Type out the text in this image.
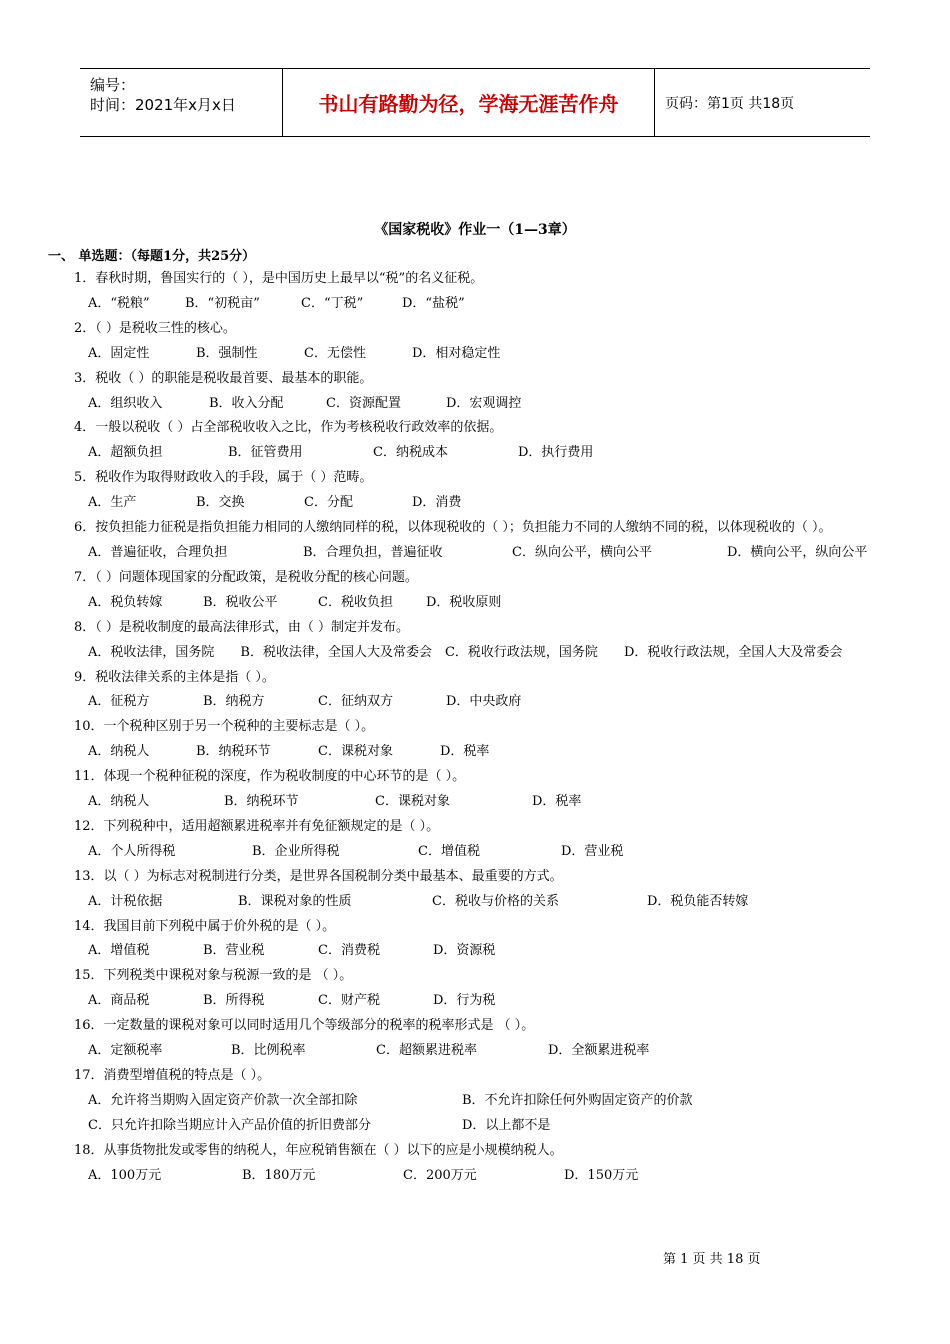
编号：
时间：2021年x月x日	书山有路勤为径，学海无涯苦作舟	页码：第1页 共18页
《国家税收》作业一（1—3章）
一、 单选题：（每题1分，共25分）
1．春秋时期，鲁国实行的（ ），是中国历史上最早以“税”的名义征税。
A．“税粮”	B．“初税亩”	C．“丁税”	D．“盐税”
2．（ ）是税收三性的核心。
A．固定性	B．强制性	C．无偿性	D．相对稳定性
3．税收（ ）的职能是税收最首要、最基本的职能。
A．组织收入	B．收入分配	C．资源配置	D．宏观调控
4．一般以税收（ ）占全部税收收入之比，作为考核税收行政效率的依据。
A．超额负担	B．征管费用	C．纳税成本	D．执行费用
5．税收作为取得财政收入的手段，属于（ ）范畴。
A．生产	B．交换	C．分配	D．消费
6．按负担能力征税是指负担能力相同的人缴纳同样的税，以体现税收的（ ）；负担能力不同的人缴纳不同的税，以体现税收的（ ）。
A．普遍征收，合理负担	B．合理负担，普遍征收	C．纵向公平，横向公平	D．横向公平，纵向公平
7．（ ）问题体现国家的分配政策，是税收分配的核心问题。
A．税负转嫁	B．税收公平	C．税收负担	D．税收原则
8．（ ）是税收制度的最高法律形式，由（ ）制定并发布。
A．税收法律，国务院　　 B．税收法律，全国人大及常委会　 C．税收行政法规，国务院　　 D．税收行政法规，全国人大及常委会
9．税收法律关系的主体是指（ ）。
A．征税方	B．纳税方	C．征纳双方	D．中央政府
10．一个税种区别于另一个税种的主要标志是（ ）。
A．纳税人	B．纳税环节	C．课税对象	D．税率
11．体现一个税种征税的深度，作为税收制度的中心环节的是（ ）。
A．纳税人	B．纳税环节	C．课税对象	D．税率
12．下列税种中，适用超额累进税率并有免征额规定的是（ ）。
A．个人所得税	B．企业所得税	C．增值税	D．营业税
13．以（ ）为标志对税制进行分类，是世界各国税制分类中最基本、最重要的方式。
A．计税依据	B．课税对象的性质	C．税收与价格的关系	D．税负能否转嫁
14．我国目前下列税中属于价外税的是（ ）。
A．增值税	B．营业税	C．消费税	D．资源税
15．下列税类中课税对象与税源一致的是 （ ）。
A．商品税	B．所得税	C．财产税	D．行为税
16．一定数量的课税对象可以同时适用几个等级部分的税率的税率形式是 （ ）。
A．定额税率	B．比例税率	C．超额累进税率	D．全额累进税率
17．消费型增值税的特点是（ ）。
A．允许将当期购入固定资产价款一次全部扣除	B．不允许扣除任何外购固定资产的价款
C．只允许扣除当期应计入产品价值的折旧费部分	D．以上都不是
18．从事货物批发或零售的纳税人，年应税销售额在（ ）以下的应是小规模纳税人。
A．100万元	B．180万元	C．200万元	D．150万元
第 1 页 共 18 页
